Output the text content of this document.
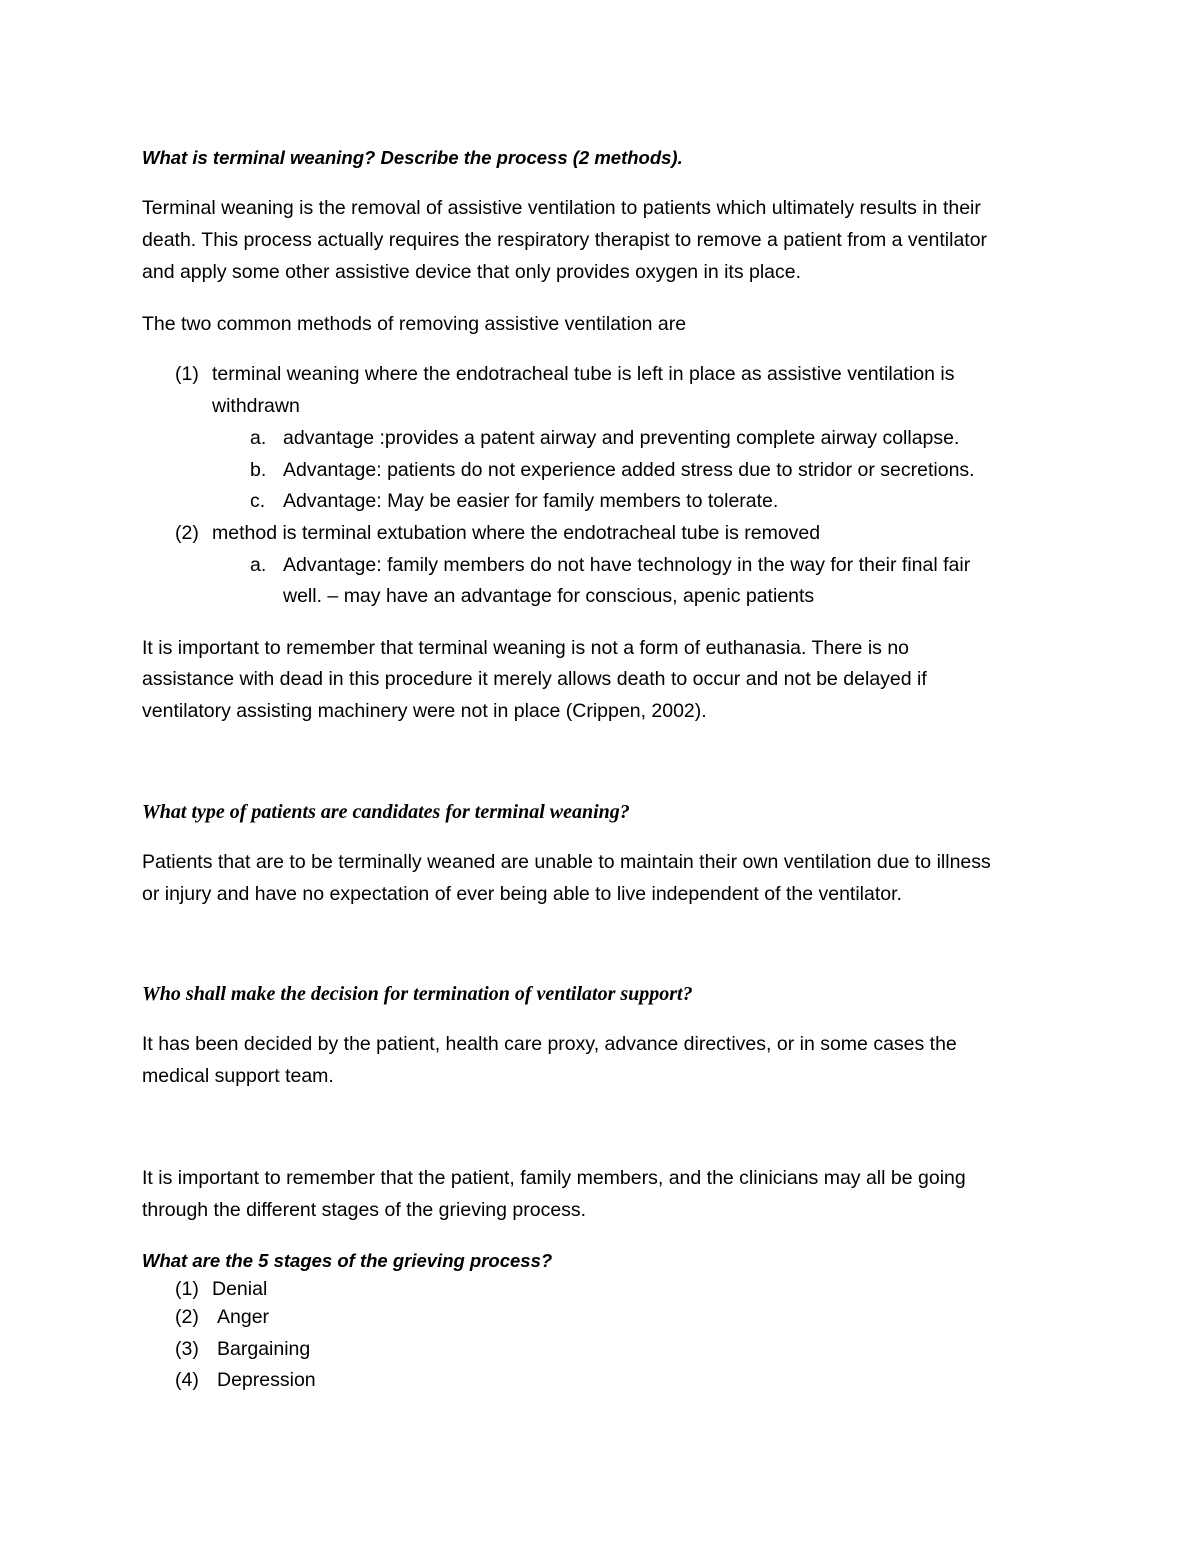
What is terminal weaning? Describe the process (2 methods).
Terminal weaning is the removal of assistive ventilation to patients which ultimately results in their
death. This process actually requires the respiratory therapist to remove a patient from a ventilator
and apply some other assistive device that only provides oxygen in its place.
The two common methods of removing assistive ventilation are
(1) terminal weaning where the endotracheal tube is left in place as assistive ventilation is
withdrawn
a. advantage :provides a patent airway and preventing complete airway collapse.
b. Advantage: patients do not experience added stress due to stridor or secretions.
c. Advantage: May be easier for family members to tolerate.
(2) method is terminal extubation where the endotracheal tube is removed
a. Advantage: family members do not have technology in the way for their final fair
well. – may have an advantage for conscious, apenic patients
It is important to remember that terminal weaning is not a form of euthanasia. There is no
assistance with dead in this procedure it merely allows death to occur and not be delayed if
ventilatory assisting machinery were not in place (Crippen, 2002).
What type of patients are candidates for terminal weaning?
Patients that are to be terminally weaned are unable to maintain their own ventilation due to illness
or injury and have no expectation of ever being able to live independent of the ventilator.
Who shall make the decision for termination of ventilator support?
It has been decided by the patient, health care proxy, advance directives, or in some cases the
medical support team.
It is important to remember that the patient, family members, and the clinicians may all be going
through the different stages of the grieving process.
What are the 5 stages of the grieving process?
(1) Denial
(2) Anger
(3) Bargaining
(4) Depression
